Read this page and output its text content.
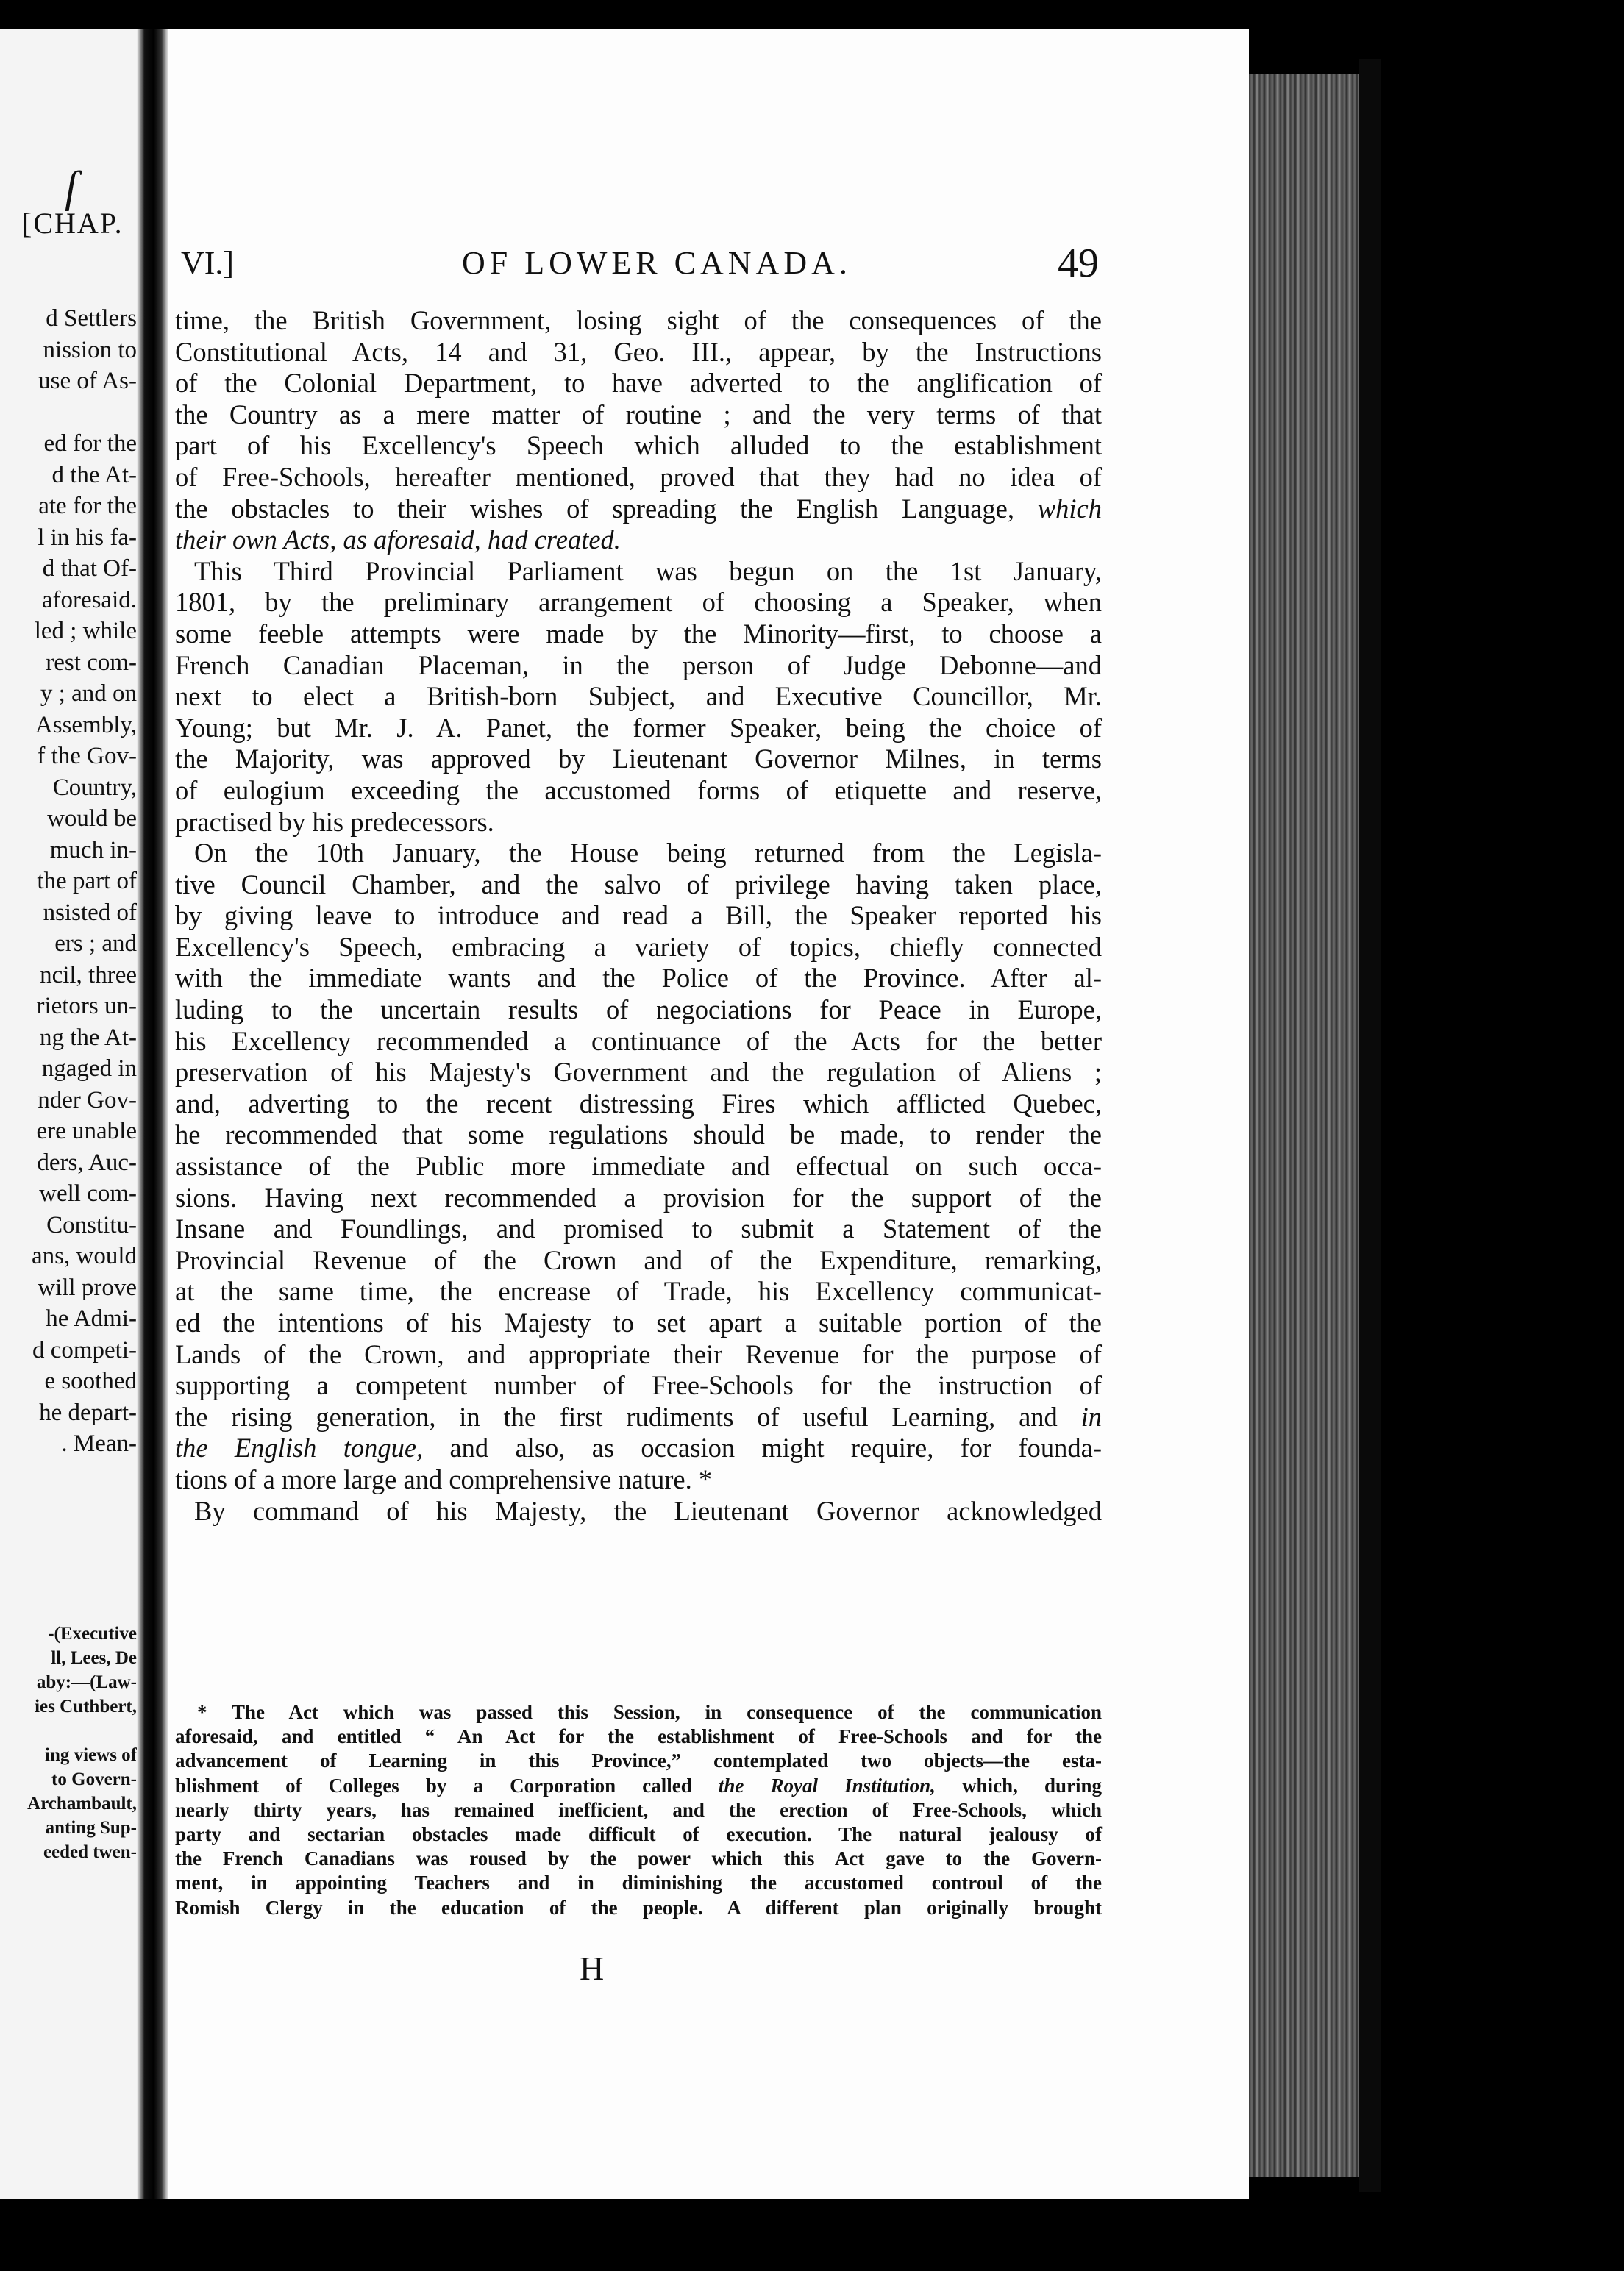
ſ
[CHAP.
d Settlers
nission to
use of As-
ed for the
d the At-
ate for the
l in his fa-
d that Of-
aforesaid.
led ; while
rest com-
y ; and on
Assembly,
f the Gov-
Country,
would be
much in-
the part of
nsisted of
ers ; and
ncil, three
rietors un-
ng the At-
ngaged in
nder Gov-
ere unable
ders, Auc-
well com-
Constitu-
ans, would
will prove
he Admi-
d competi-
e soothed
he depart-
. Mean-
-(Executive
ll, Lees, De
aby:—(Law-
ies Cuthbert,
ing views of
to Govern-
Archambault,
anting Sup-
eeded twen-
VI.]	OF LOWER CANADA.	49
time, the British Government, losing sight of the consequences of the
Constitutional Acts, 14 and 31, Geo. III., appear, by the Instructions
of the Colonial Department, to have adverted to the anglification of
the Country as a mere matter of routine ; and the very terms of that
part of his Excellency's Speech which alluded to the establishment
of Free-Schools, hereafter mentioned, proved that they had no idea of
the obstacles to their wishes of spreading the English Language, which
their own Acts, as aforesaid, had created.
This Third Provincial Parliament was begun on the 1st January,
1801, by the preliminary arrangement of choosing a Speaker, when
some feeble attempts were made by the Minority—first, to choose a
French Canadian Placeman, in the person of Judge Debonne—and
next to elect a British-born Subject, and Executive Councillor, Mr.
Young; but Mr. J. A. Panet, the former Speaker, being the choice of
the Majority, was approved by Lieutenant Governor Milnes, in terms
of eulogium exceeding the accustomed forms of etiquette and reserve,
practised by his predecessors.
On the 10th January, the House being returned from the Legisla-
tive Council Chamber, and the salvo of privilege having taken place,
by giving leave to introduce and read a Bill, the Speaker reported his
Excellency's Speech, embracing a variety of topics, chiefly connected
with the immediate wants and the Police of the Province. After al-
luding to the uncertain results of negociations for Peace in Europe,
his Excellency recommended a continuance of the Acts for the better
preservation of his Majesty's Government and the regulation of Aliens ;
and, adverting to the recent distressing Fires which afflicted Quebec,
he recommended that some regulations should be made, to render the
assistance of the Public more immediate and effectual on such occa-
sions. Having next recommended a provision for the support of the
Insane and Foundlings, and promised to submit a Statement of the
Provincial Revenue of the Crown and of the Expenditure, remarking,
at the same time, the encrease of Trade, his Excellency communicat-
ed the intentions of his Majesty to set apart a suitable portion of the
Lands of the Crown, and appropriate their Revenue for the purpose of
supporting a competent number of Free-Schools for the instruction of
the rising generation, in the first rudiments of useful Learning, and in
the English tongue, and also, as occasion might require, for founda-
tions of a more large and comprehensive nature. *
By command of his Majesty, the Lieutenant Governor acknowledged
* The Act which was passed this Session, in consequence of the communication
aforesaid, and entitled “ An Act for the establishment of Free-Schools and for the
advancement of Learning in this Province,” contemplated two objects—the esta-
blishment of Colleges by a Corporation called the Royal Institution, which, during
nearly thirty years, has remained inefficient, and the erection of Free-Schools, which
party and sectarian obstacles made difficult of execution. The natural jealousy of
the French Canadians was roused by the power which this Act gave to the Govern-
ment, in appointing Teachers and in diminishing the accustomed controul of the
Romish Clergy in the education of the people. A different plan originally brought
H
